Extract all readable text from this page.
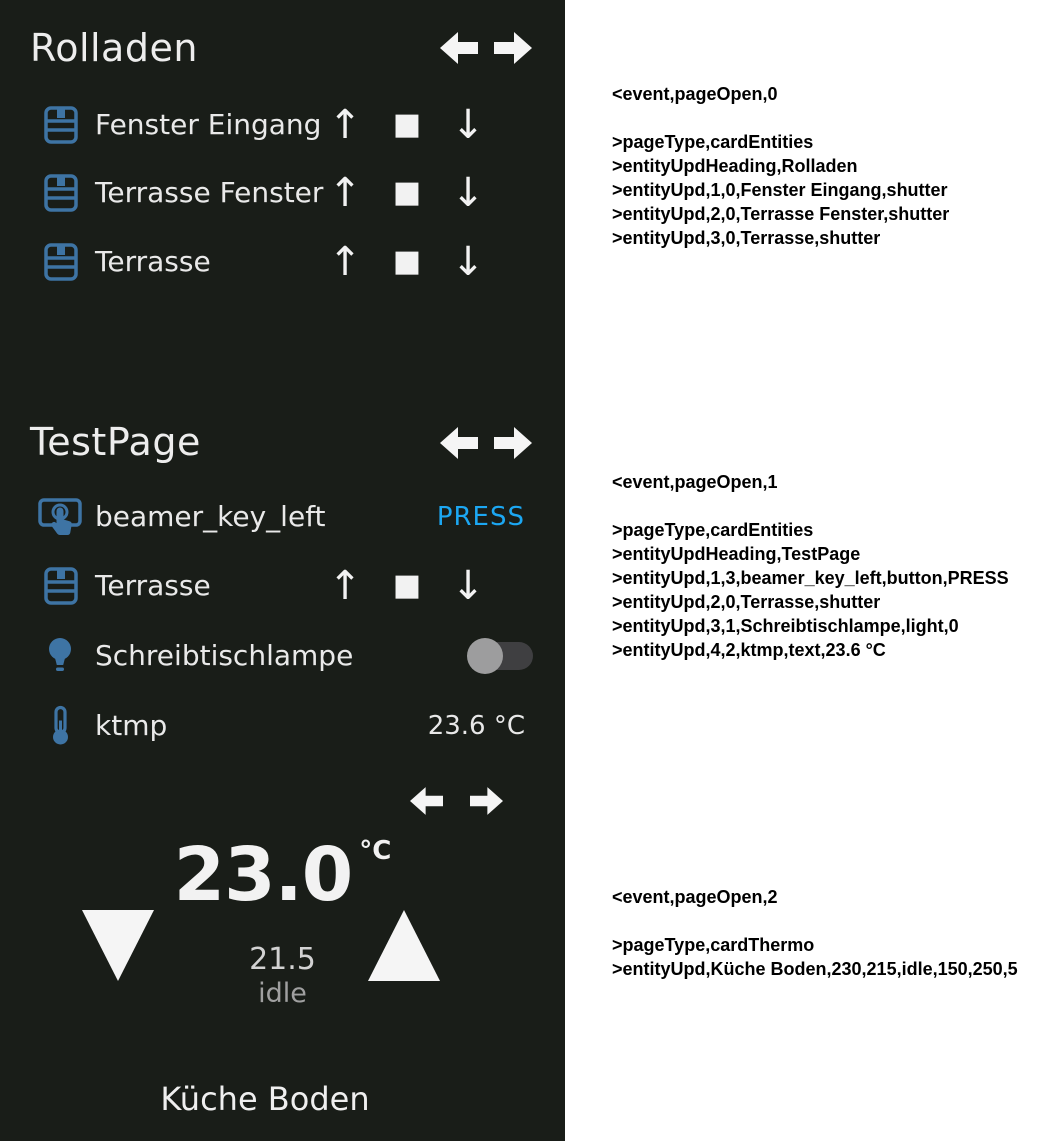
Rolladen
Fenster Eingang ↑ ■ ↓
Terrasse Fenster ↑ ■ ↓
Terrasse	↑ ■ ↓
TestPage
beamer_key_left	PRESS
Terrasse	↑ ■ ↓
Schreibtischlampe
ktmp	23.6 °C
23.0 °C
21.5
idle
Küche Boden
<event,pageOpen,0
>pageType,cardEntities
>entityUpdHeading,Rolladen
>entityUpd,1,0,Fenster Eingang,shutter
>entityUpd,2,0,Terrasse Fenster,shutter
>entityUpd,3,0,Terrasse,shutter
<event,pageOpen,1
>pageType,cardEntities
>entityUpdHeading,TestPage
>entityUpd,1,3,beamer_key_left,button,PRESS
>entityUpd,2,0,Terrasse,shutter
>entityUpd,3,1,Schreibtischlampe,light,0
>entityUpd,4,2,ktmp,text,23.6 °C
<event,pageOpen,2
>pageType,cardThermo
>entityUpd,Küche Boden,230,215,idle,150,250,5
